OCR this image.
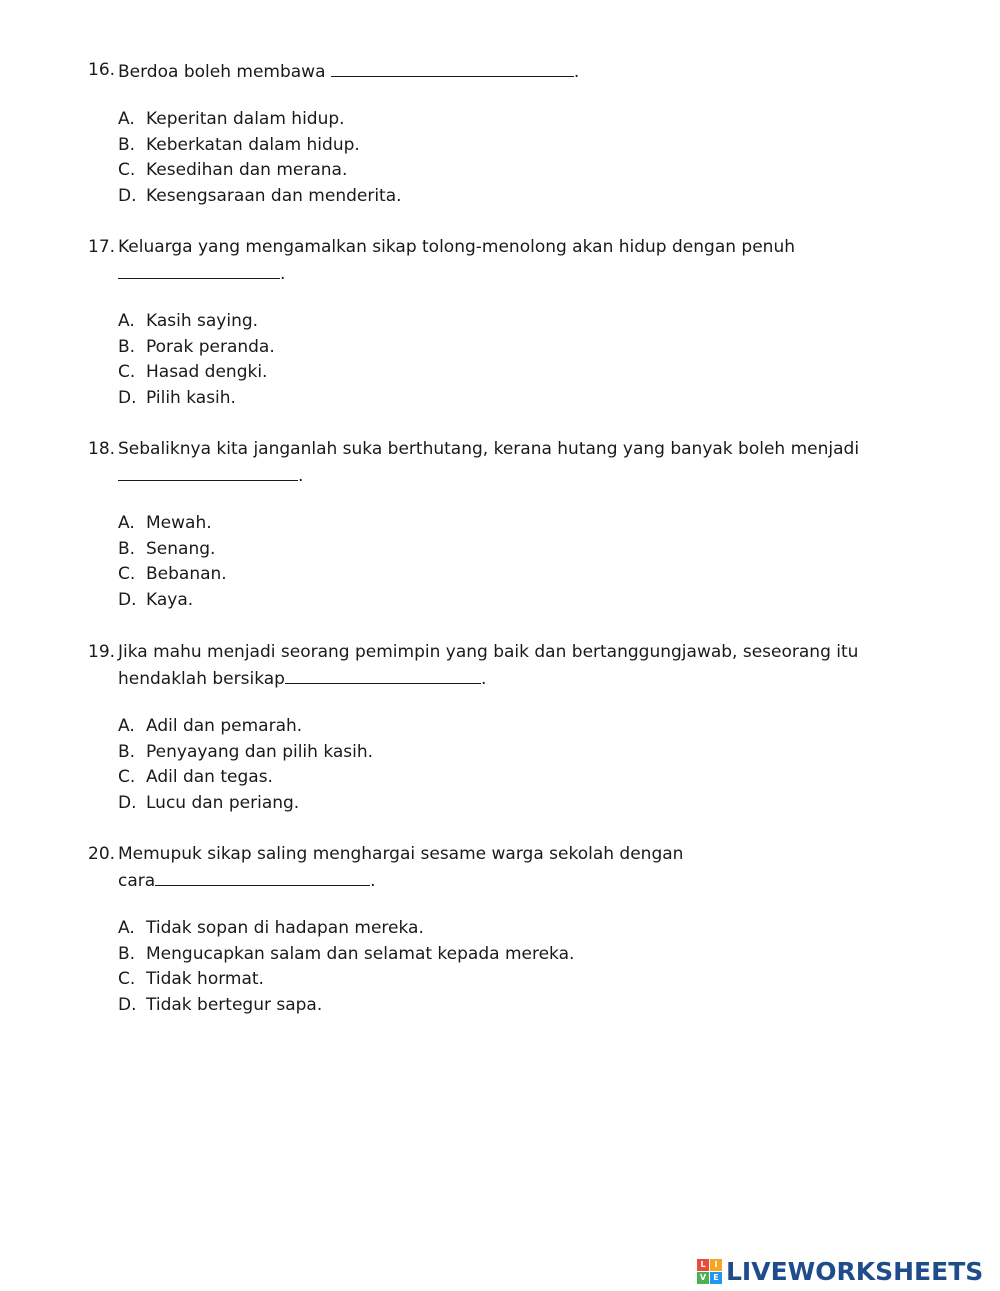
16. Berdoa boleh membawa	.
A. Keperitan dalam hidup.
B. Keberkatan dalam hidup.
C. Kesedihan dan merana.
D. Kesengsaraan dan menderita.
17. Keluarga yang mengamalkan sikap tolong-menolong akan hidup dengan penuh
.
A. Kasih saying.
B. Porak peranda.
C. Hasad dengki.
D. Pilih kasih.
18. Sebaliknya kita janganlah suka berthutang, kerana hutang yang banyak boleh menjadi
.
A. Mewah.
B. Senang.
C. Bebanan.
D. Kaya.
19. Jika mahu menjadi seorang pemimpin yang baik dan bertanggungjawab, seseorang itu
hendaklah bersikap	.
A. Adil dan pemarah.
B. Penyayang dan pilih kasih.
C. Adil dan tegas.
D. Lucu dan periang.
20. Memupuk sikap saling menghargai sesame warga sekolah dengan
cara	.
A. Tidak sopan di hadapan mereka.
B. Mengucapkan salam dan selamat kepada mereka.
C. Tidak hormat.
D. Tidak bertegur sapa.
L	I
V E LIVEWORKSHEETS
